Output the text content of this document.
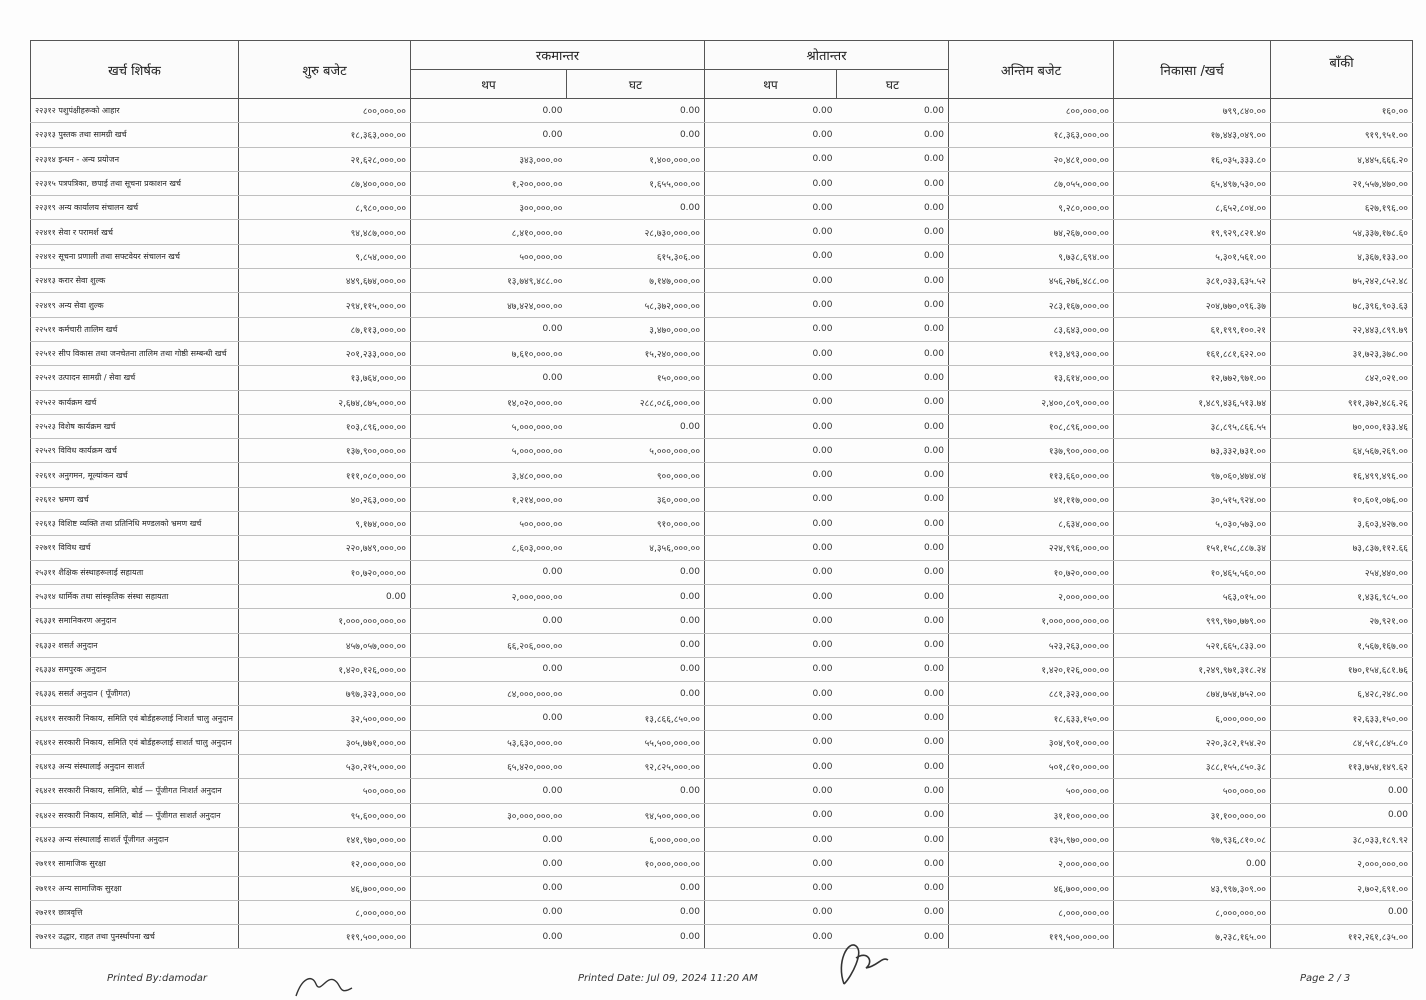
खर्च शिर्षक	शुरु बजेट	रकमान्तर		श्रोतान्तर		अन्तिम बजेट	निकासा /खर्च	बाँकी
		थप	घट	थप	घट			
२२३१२ पशुपंक्षीहरूको आहार	८००,०००.००	0.00	0.00	0.00	0.00	८००,०००.००	७९९,८४०.००	१६०.००
२२३१३ पुस्तक तथा सामग्री खर्च	१८,३६३,०००.००	0.00	0.00	0.00	0.00	१८,३६३,०००.००	१७,४४३,०४९.००	९१९,९५१.००
२२३१४ इन्धन - अन्य प्रयोजन	२१,६२८,०००.००	३४३,०००.००	१,४००,०००.००	0.00	0.00	२०,४८१,०००.००	१६,०३५,३३३.८०	४,४४५,६६६.२०
२२३१५ पत्रपत्रिका, छपाई तथा सूचना प्रकाशन खर्च	८७,४००,०००.००	१,२००,०००.००	१,६५५,०००.००	0.00	0.00	८७,०५५,०००.००	६५,४९७,५३०.००	२१,५५७,४७०.००
२२३१९ अन्य कार्यालय संचालन खर्च	८,९८०,०००.००	३००,०००.००	0.00	0.00	0.00	९,२८०,०००.००	८,६५२,८०४.००	६२७,१९६.००
२२४११ सेवा र परामर्श खर्च	९४,४८७,०००.००	८,४१०,०००.००	२८,७३०,०००.००	0.00	0.00	७४,२६७,०००.००	१९,९२९,८२१.४०	५४,३३७,१७८.६०
२२४१२ सूचना प्रणाली तथा सफ्टवेयर संचालन खर्च	९,८५४,०००.००	५००,०००.००	६१५,३०६.००	0.00	0.00	९,७३८,६९४.००	५,३०१,५६१.००	४,३६७,१३३.००
२२४१३ करार सेवा शुल्क	४४९,६७४,०००.००	१३,७४९,४८८.००	७,१४७,०००.००	0.00	0.00	४५६,२७६,४८८.००	३८१,०३३,६३५.५२	७५,२४२,८५२.४८
२२४१९ अन्य सेवा शुल्क	२९४,११५,०००.००	४७,४२४,०००.००	५८,३७२,०००.००	0.00	0.00	२८३,१६७,०००.००	२०४,७७०,०९६.३७	७८,३९६,९०३.६३
२२५११ कर्मचारी तालिम खर्च	८७,११३,०००.००	0.00	३,४७०,०००.००	0.00	0.00	८३,६४३,०००.००	६१,१९९,१००.२१	२२,४४३,८९९.७९
२२५१२ सीप विकास तथा जनचेतना तालिम तथा गोष्ठी सम्बन्धी खर्च	२०१,२३३,०००.००	७,६१०,०००.००	१५,२४०,०००.००	0.00	0.00	१९३,४९३,०००.००	१६१,८८१,६२२.००	३१,७२३,३७८.००
२२५२१ उत्पादन सामग्री / सेवा खर्च	१३,७६४,०००.००	0.00	१५०,०००.००	0.00	0.00	१३,६१४,०००.००	१२,७७२,९७१.००	८४२,०२१.००
२२५२२ कार्यक्रम खर्च	२,६७४,८७५,०००.००	१४,०२०,०००.००	२८८,०८६,०००.००	0.00	0.00	२,४००,८०९,०००.००	१,४८९,४३६,५१३.७४	९११,३७२,४८६.२६
२२५२३ विशेष कार्यक्रम खर्च	१०३,८९६,०००.००	५,०००,०००.००	0.00	0.00	0.00	१०८,८९६,०००.००	३८,८९५,८६६.५५	७०,०००,१३३.४६
२२५२९ विविध कार्यक्रम खर्च	१३७,९००,०००.००	५,०००,०००.००	५,०००,०००.००	0.00	0.00	१३७,९००,०००.००	७३,३३२,७३१.००	६४,५६७,२६९.००
२२६११ अनुगमन, मूल्यांकन खर्च	१११,०८०,०००.००	३,४८०,०००.००	९००,०००.००	0.00	0.00	११३,६६०,०००.००	९७,०६०,४७४.०४	१६,४९९,४९६.००
२२६१२ भ्रमण खर्च	४०,२६३,०००.००	१,२१४,०००.००	३६०,०००.००	0.00	0.00	४१,११७,०००.००	३०,५१५,९२४.००	१०,६०१,०७६.००
२२६१३ विशिष्ट व्यक्ति तथा प्रतिनिधि मण्डलको भ्रमण खर्च	९,१७४,०००.००	५००,०००.००	९१०,०००.००	0.00	0.00	८,६३४,०००.००	५,०३०,५७३.००	३,६०३,४२७.००
२२७११ विविध खर्च	२२०,७४९,०००.००	८,६०३,०००.००	४,३५६,०००.००	0.00	0.00	२२४,९९६,०००.००	१५१,१५८,८८७.३४	७३,८३७,११२.६६
२५३११ शैक्षिक संस्थाहरूलाई सहायता	१०,७२०,०००.००	0.00	0.00	0.00	0.00	१०,७२०,०००.००	१०,४६५,५६०.००	२५४,४४०.००
२५३१४ धार्मिक तथा सांस्कृतिक संस्था सहायता	0.00	२,०००,०००.००	0.00	0.00	0.00	२,०००,०००.००	५६३,०१५.००	१,४३६,९८५.००
२६३३१ समानिकरण अनुदान	१,०००,०००,०००.००	0.00	0.00	0.00	0.00	१,०००,०००,०००.००	९९९,९७०,७७९.००	२७,९२१.००
२६३३२ शसर्त अनुदान	४५७,०५७,०००.००	६६,२०६,०००.००	0.00	0.00	0.00	५२३,२६३,०००.००	५२१,६६५,८३३.००	१,५६७,१६७.००
२६३३४ समपुरक अनुदान	१,४२०,१२६,०००.००	0.00	0.00	0.00	0.00	१,४२०,१२६,०००.००	१,२४९,९७१,३१८.२४	१७०,१५४,६८१.७६
२६३३६ ससर्त अनुदान ( पूँजीगत)	७९७,३२३,०००.००	८४,०००,०००.००	0.00	0.00	0.00	८८१,३२३,०००.००	८७४,७५४,७५२.००	६,४२८,२४८.००
२६४११ सरकारी निकाय, समिति एवं बोर्डहरूलाई निःशर्त चालु अनुदान	३२,५००,०००.००	0.00	१३,८६६,८५०.००	0.00	0.00	१८,६३३,१५०.००	६,०००,०००.००	१२,६३३,१५०.००
२६४१२ सरकारी निकाय, समिति एवं बोर्डहरूलाई सःशर्त चालु अनुदान	३०५,७७१,०००.००	५३,६३०,०००.००	५५,५००,०००.००	0.00	0.00	३०४,९०१,०००.००	२२०,३८२,१५४.२०	८४,५१८,८४५.८०
२६४१३ अन्य संस्थालाई अनुदान सःशर्त	५३०,२१५,०००.००	६५,४२०,०००.००	९२,८२५,०००.००	0.00	0.00	५०१,८१०,०००.००	३८८,१५५,८५०.३८	११३,७५४,१४९.६२
२६४२१ सरकारी निकाय, समिति, बोर्ड — पूँजीगत निःशर्त अनुदान	५००,०००.००	0.00	0.00	0.00	0.00	५००,०००.००	५००,०००.००	0.00
२६४२२ सरकारी निकाय, समिति, बोर्ड — पूँजीगत सःशर्त अनुदान	९५,६००,०००.००	३०,०००,०००.००	९४,५००,०००.००	0.00	0.00	३१,१००,०००.००	३१,१००,०००.००	0.00
२६४२३ अन्य संस्थालाई सःशर्त पूँजीगत अनुदान	१४१,९७०,०००.००	0.00	६,०००,०००.००	0.00	0.00	१३५,९७०,०००.००	९७,९३६,८१०.०८	३८,०३३,१८९.९२
२७१११ सामाजिक सुरक्षा	१२,०००,०००.००	0.00	१०,०००,०००.००	0.00	0.00	२,०००,०००.००	0.00	२,०००,०००.००
२७११२ अन्य सामाजिक सुरक्षा	४६,७००,०००.००	0.00	0.00	0.00	0.00	४६,७००,०००.००	४३,९९७,३०९.००	२,७०२,६९१.००
२७२११ छात्रवृत्ति	८,०००,०००.००	0.00	0.00	0.00	0.00	८,०००,०००.००	८,०००,०००.००	0.00
२७२१२ उद्धार, राहत तथा पुनर्स्थापना खर्च	११९,५००,०००.००	0.00	0.00	0.00	0.00	११९,५००,०००.००	७,२३८,१६५.००	११२,२६१,८३५.००
Printed By:damodar	Printed Date: Jul 09, 2024 11:20 AM	Page 2 / 3
